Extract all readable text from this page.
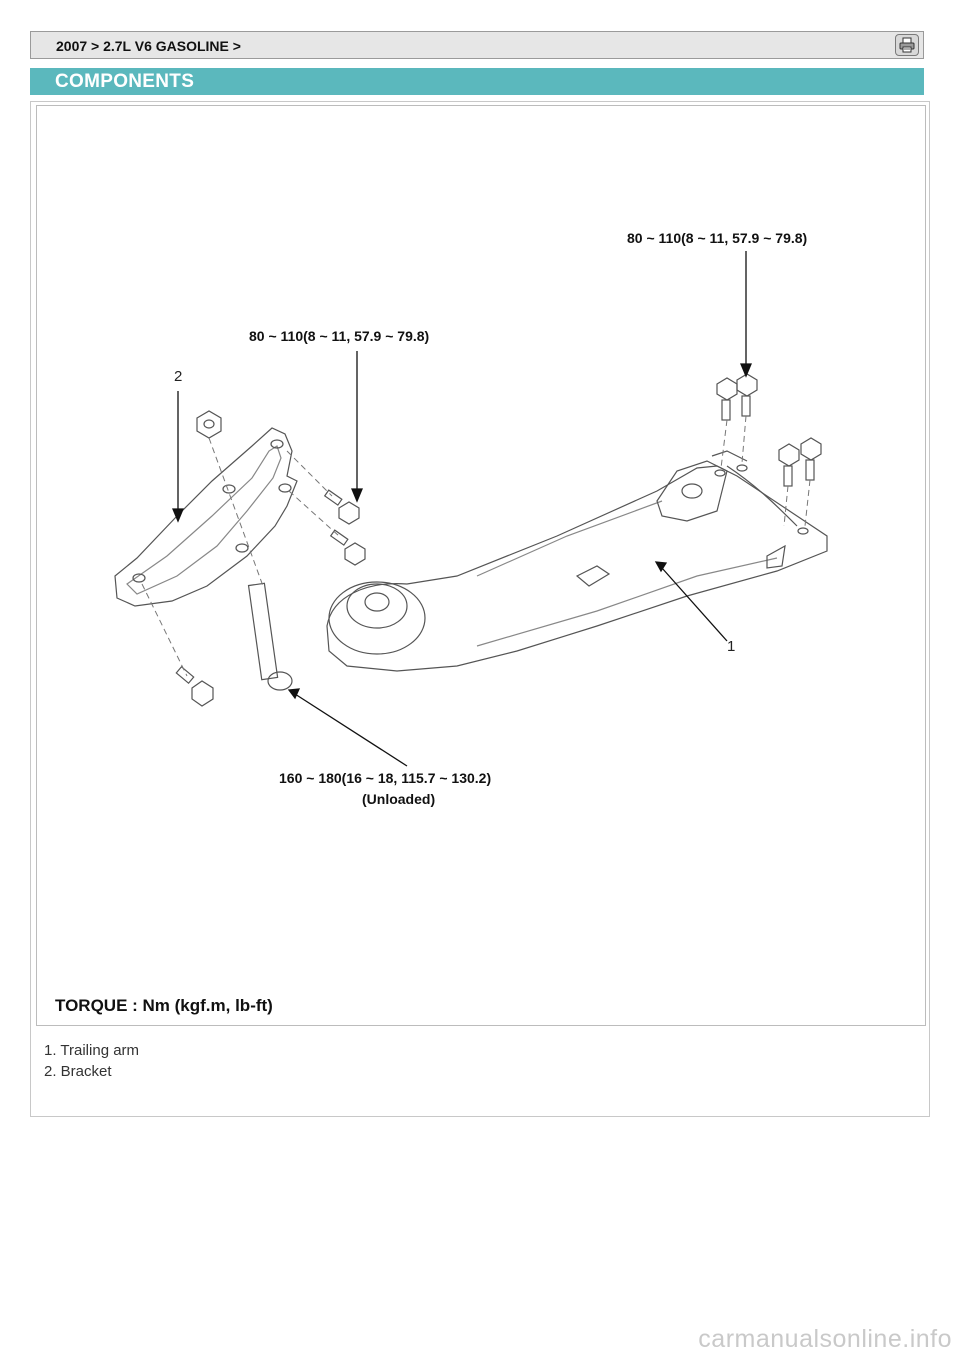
2007 > 2.7L V6 GASOLINE >
COMPONENTS
80 ~ 110(8 ~ 11, 57.9 ~ 79.8)
80 ~ 110(8 ~ 11, 57.9 ~ 79.8)
2
1
160 ~ 180(16 ~ 18, 115.7 ~ 130.2)
(Unloaded)
TORQUE : Nm (kgf.m, lb-ft)
1. Trailing arm
2. Bracket
carmanualsonline.info
